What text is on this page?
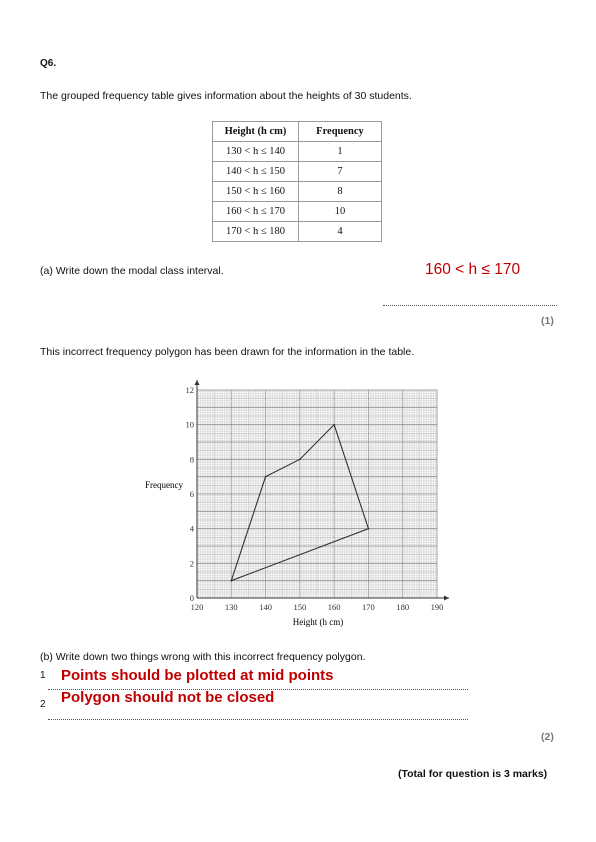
Q6.
The grouped frequency table gives information about the heights of 30 students.
Height (h cm)	Frequency
130 < h ≤ 140	1
140 < h ≤ 150	7
150 < h ≤ 160	8
160 < h ≤ 170	10
170 < h ≤ 180	4
(a) Write down the modal class interval.	160 < h ≤ 170
(1)
This incorrect frequency polygon has been drawn for the information in the table.
120	130	140	150	160	170	180	190
0
2
4
6
8
10
12
Frequency
Height (h cm)
(b) Write down two things wrong with this incorrect frequency polygon.
1 Points should be plotted at mid points
2 Polygon should not be closed
(2)
(Total for question is 3 marks)
